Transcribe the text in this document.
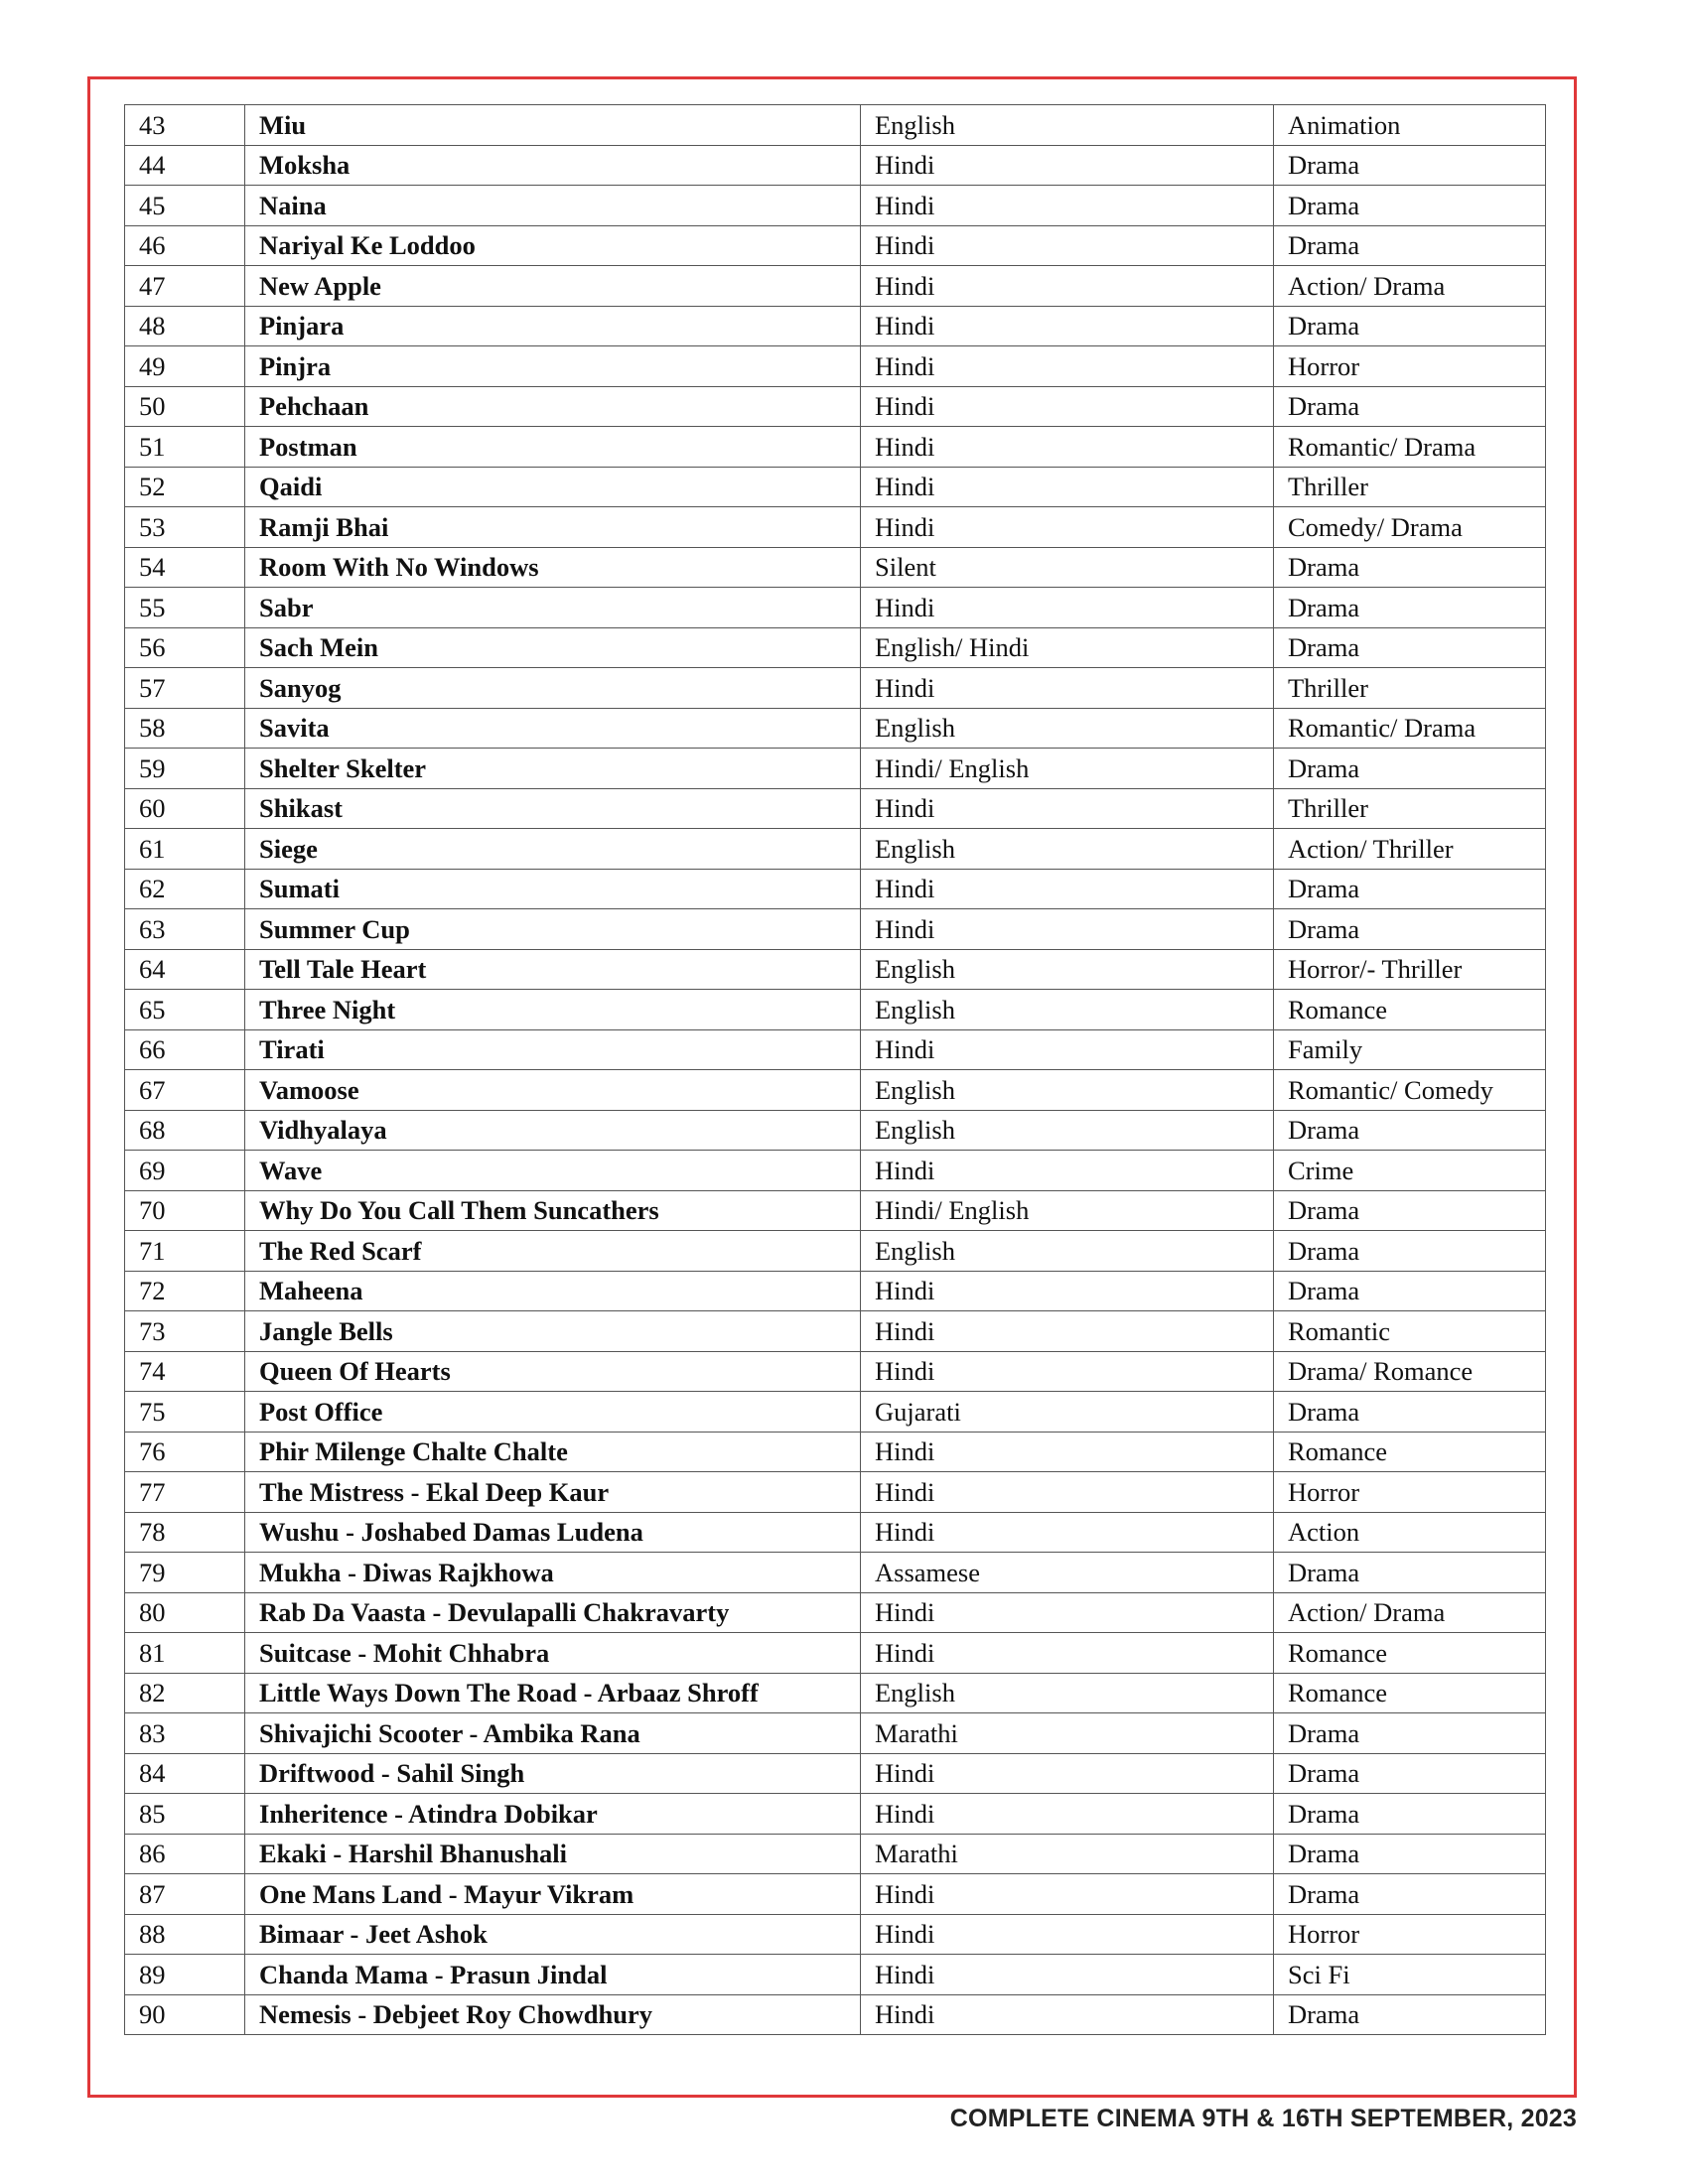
43	Miu	English	Animation
44	Moksha	Hindi	Drama
45	Naina	Hindi	Drama
46	Nariyal Ke Loddoo	Hindi	Drama
47	New Apple	Hindi	Action/ Drama
48	Pinjara	Hindi	Drama
49	Pinjra	Hindi	Horror
50	Pehchaan	Hindi	Drama
51	Postman	Hindi	Romantic/ Drama
52	Qaidi	Hindi	Thriller
53	Ramji Bhai	Hindi	Comedy/ Drama
54	Room With No Windows	Silent	Drama
55	Sabr	Hindi	Drama
56	Sach Mein	English/ Hindi	Drama
57	Sanyog	Hindi	Thriller
58	Savita	English	Romantic/ Drama
59	Shelter Skelter	Hindi/ English	Drama
60	Shikast	Hindi	Thriller
61	Siege	English	Action/ Thriller
62	Sumati	Hindi	Drama
63	Summer Cup	Hindi	Drama
64	Tell Tale Heart	English	Horror/- Thriller
65	Three Night	English	Romance
66	Tirati	Hindi	Family
67	Vamoose	English	Romantic/ Comedy
68	Vidhyalaya	English	Drama
69	Wave	Hindi	Crime
70	Why Do You Call Them Suncathers	Hindi/ English	Drama
71	The Red Scarf	English	Drama
72	Maheena	Hindi	Drama
73	Jangle Bells	Hindi	Romantic
74	Queen Of Hearts	Hindi	Drama/ Romance
75	Post Office	Gujarati	Drama
76	Phir Milenge Chalte Chalte	Hindi	Romance
77	The Mistress - Ekal Deep Kaur	Hindi	Horror
78	Wushu - Joshabed Damas Ludena	Hindi	Action
79	Mukha - Diwas Rajkhowa	Assamese	Drama
80	Rab Da Vaasta - Devulapalli Chakravarty	Hindi	Action/ Drama
81	Suitcase - Mohit Chhabra	Hindi	Romance
82	Little Ways Down The Road - Arbaaz Shroff	English	Romance
83	Shivajichi Scooter - Ambika Rana	Marathi	Drama
84	Driftwood - Sahil Singh	Hindi	Drama
85	Inheritence - Atindra Dobikar	Hindi	Drama
86	Ekaki - Harshil Bhanushali	Marathi	Drama
87	One Mans Land - Mayur Vikram	Hindi	Drama
88	Bimaar - Jeet Ashok	Hindi	Horror
89	Chanda Mama - Prasun Jindal	Hindi	Sci Fi
90	Nemesis - Debjeet Roy Chowdhury	Hindi	Drama
COMPLETE CINEMA 9TH & 16TH SEPTEMBER, 2023
